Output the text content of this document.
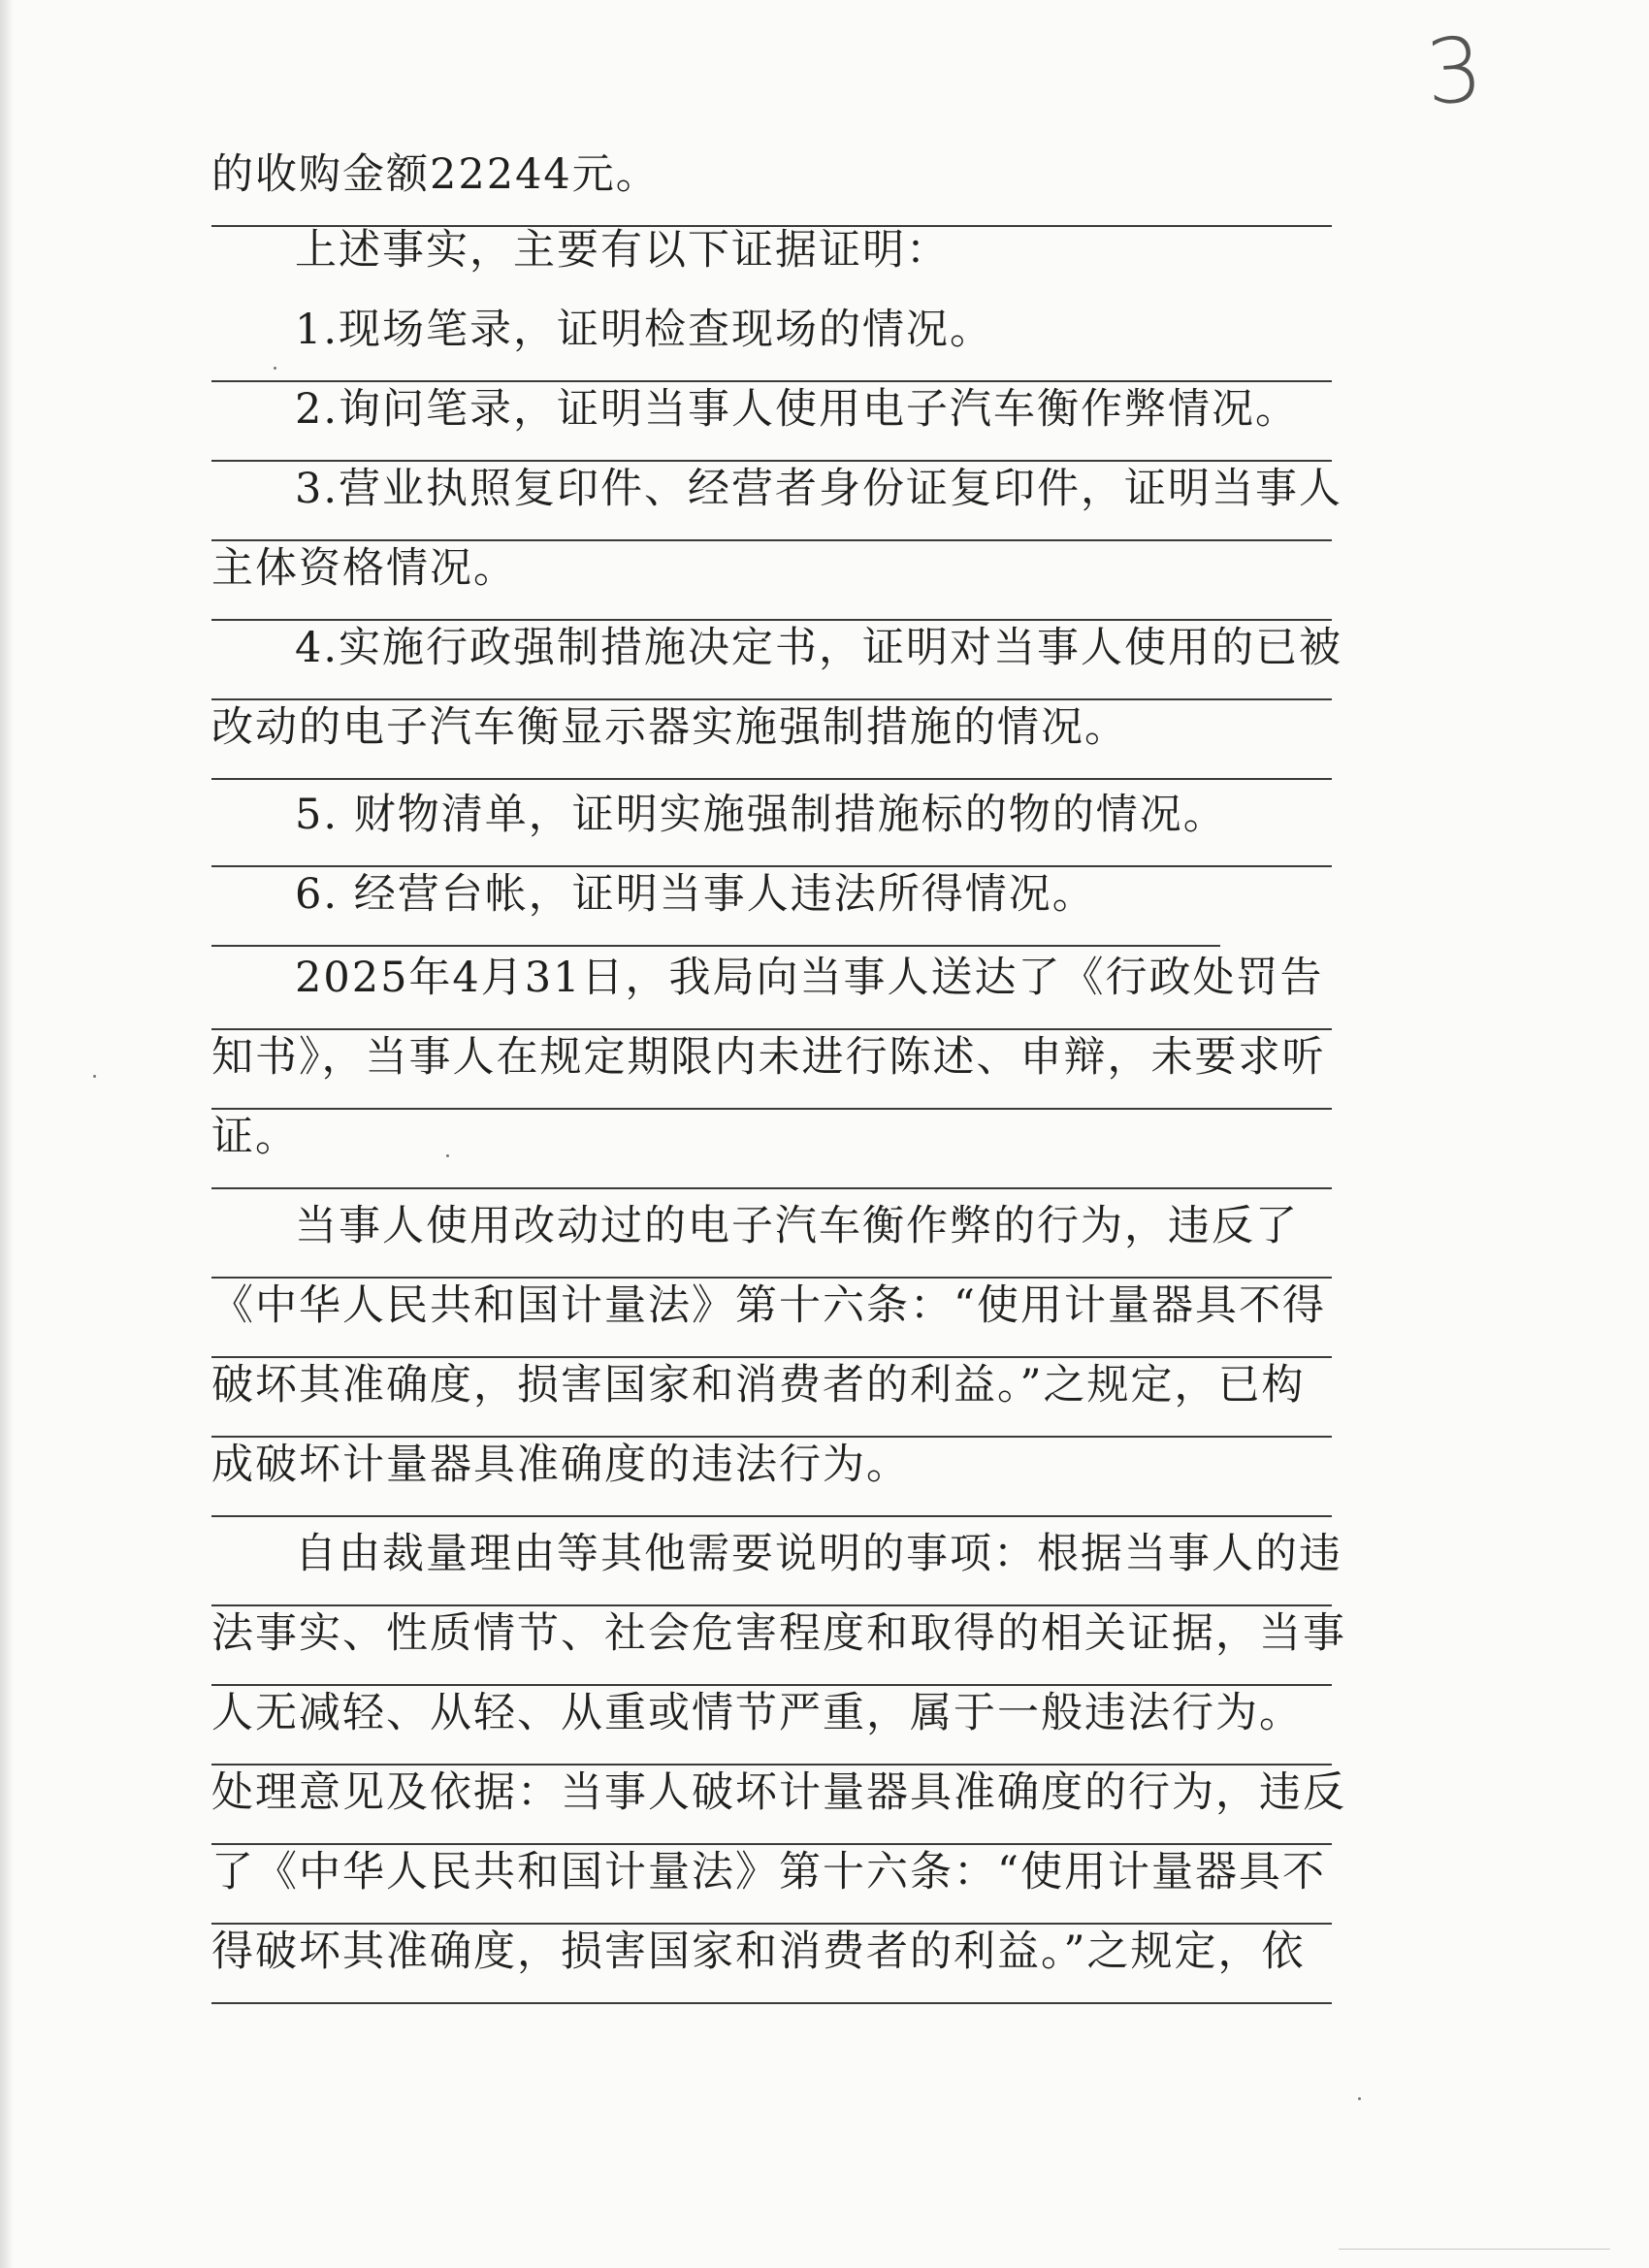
3
的收购金额22244元。
上述事实，主要有以下证据证明：
1.现场笔录，证明检查现场的情况。
2.询问笔录，证明当事人使用电子汽车衡作弊情况。
3.营业执照复印件、经营者身份证复印件，证明当事人
主体资格情况。
4.实施行政强制措施决定书，证明对当事人使用的已被
改动的电子汽车衡显示器实施强制措施的情况。
5. 财物清单，证明实施强制措施标的物的情况。
6. 经营台帐，证明当事人违法所得情况。
2025年4月31日，我局向当事人送达了《行政处罚告
知书》，当事人在规定期限内未进行陈述、申辩，未要求听
证。
当事人使用改动过的电子汽车衡作弊的行为，违反了
《中华人民共和国计量法》第十六条：“使用计量器具不得
破坏其准确度，损害国家和消费者的利益。”之规定，已构
成破坏计量器具准确度的违法行为。
自由裁量理由等其他需要说明的事项：根据当事人的违
法事实、性质情节、社会危害程度和取得的相关证据，当事
人无减轻、从轻、从重或情节严重，属于一般违法行为。
处理意见及依据：当事人破坏计量器具准确度的行为，违反
了《中华人民共和国计量法》第十六条：“使用计量器具不
得破坏其准确度，损害国家和消费者的利益。”之规定，依
